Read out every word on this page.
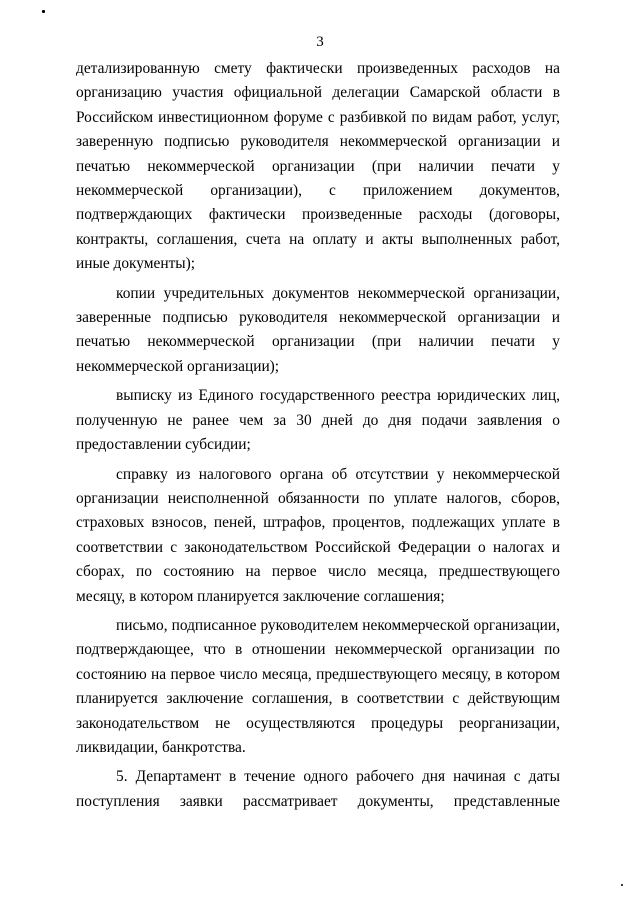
3

детализированную смету фактически произведенных расходов на организацию участия официальной делегации Самарской области в Российском инвестиционном форуме с разбивкой по видам работ, услуг, заверенную подписью руководителя некоммерческой организации и печатью некоммерческой организации (при наличии печати у некоммерческой организации), с приложением документов, подтверждающих фактически произведенные расходы (договоры, контракты, соглашения, счета на оплату и акты выполненных работ, иные документы);

копии учредительных документов некоммерческой организации, заверенные подписью руководителя некоммерческой организации и печатью некоммерческой организации (при наличии печати у некоммерческой организации);

выписку из Единого государственного реестра юридических лиц, полученную не ранее чем за 30 дней до дня подачи заявления о предоставлении субсидии;

справку из налогового органа об отсутствии у некоммерческой организации неисполненной обязанности по уплате налогов, сборов, страховых взносов, пеней, штрафов, процентов, подлежащих уплате в соответствии с законодательством Российской Федерации о налогах и сборах, по состоянию на первое число месяца, предшествующего месяцу, в котором планируется заключение соглашения;

письмо, подписанное руководителем некоммерческой организации, подтверждающее, что в отношении некоммерческой организации по состоянию на первое число месяца, предшествующего месяцу, в котором планируется заключение соглашения, в соответствии с действующим законодательством не осуществляются процедуры реорганизации, ликвидации, банкротства.

5. Департамент в течение одного рабочего дня начиная с даты поступления заявки рассматривает документы, представленные
